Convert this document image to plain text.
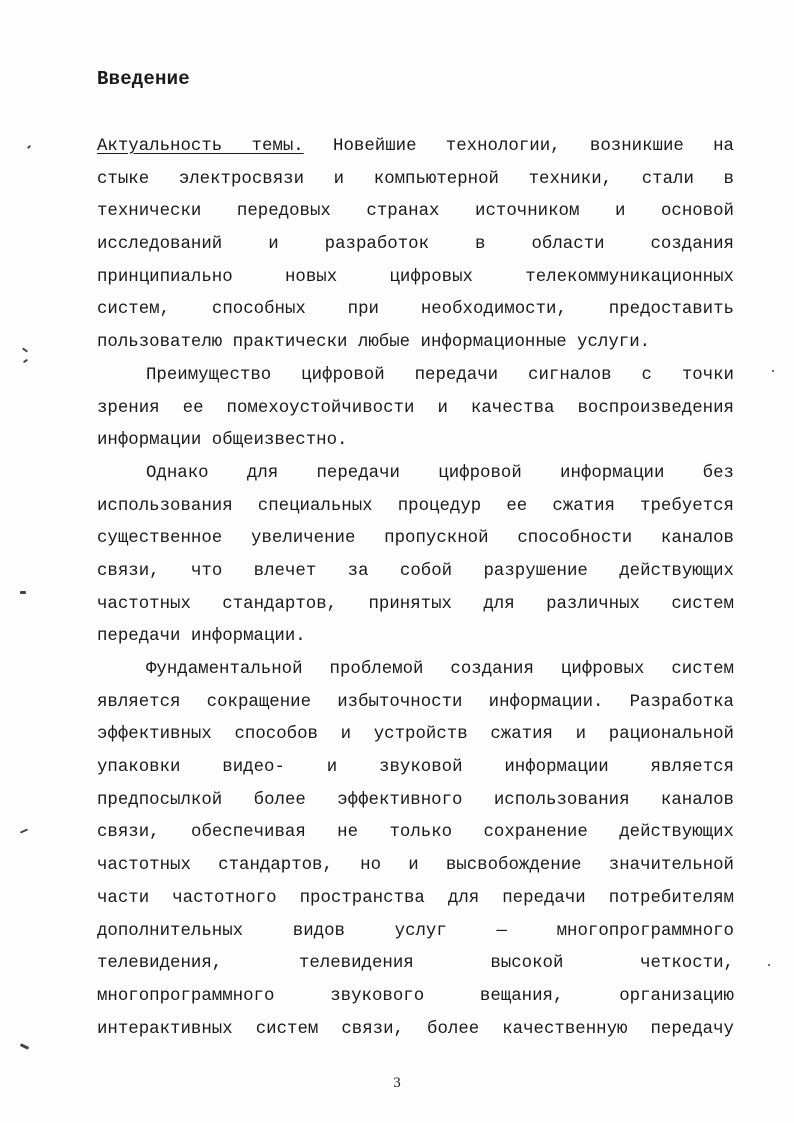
Введение

Актуальность темы. Новейшие технологии, возникшие на
стыке электросвязи и компьютерной техники, стали в
технически передовых странах источником и основой
исследований и разработок в области создания
принципиально новых цифровых телекоммуникационных
систем, способных при необходимости, предоставить
пользователю практически любые информационные услуги.

Преимущество цифровой передачи сигналов с точки
зрения ее помехоустойчивости и качества воспроизведения
информации общеизвестно.

Однако для передачи цифровой информации без
использования специальных процедур ее сжатия требуется
существенное увеличение пропускной способности каналов
связи, что влечет за собой разрушение действующих
частотных стандартов, принятых для различных систем
передачи информации.

Фундаментальной проблемой создания цифровых систем
является сокращение избыточности информации. Разработка
эффективных способов и устройств сжатия и рациональной
упаковки видео- и звуковой информации является
предпосылкой более эффективного использования каналов
связи, обеспечивая не только сохранение действующих
частотных стандартов, но и высвобождение значительной
части частотного пространства для передачи потребителям
дополнительных видов услуг — многопрограммного
телевидения, телевидения высокой четкости,
многопрограммного звукового вещания, организацию
интерактивных систем связи, более качественную передачу

3
